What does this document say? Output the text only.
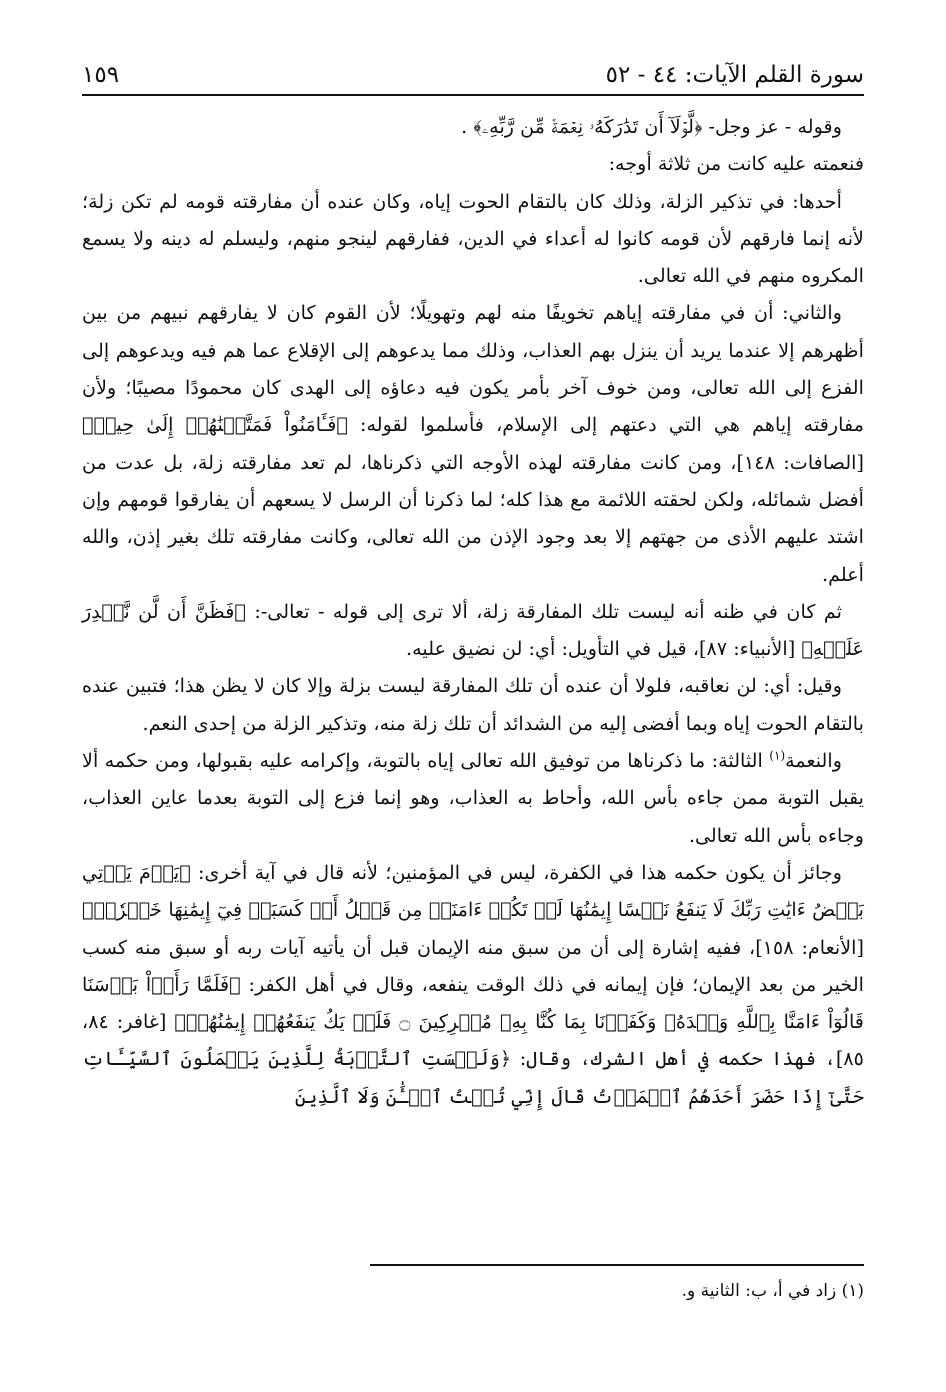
سورة القلم الآيات: ٤٤ - ٥٢
١٥٩

وقوله - عز وجل- ﴿لَّوۡلَآ أَن تَدَٰرَكَهُۥ نِعۡمَةٞ مِّن رَّبِّهِۦ﴾ .

فنعمته عليه كانت من ثلاثة أوجه:

أحدها: في تذكير الزلة، وذلك كان بالتقام الحوت إياه، وكان عنده أن مفارقته قومه لم تكن زلة؛ لأنه إنما فارقهم لأن قومه كانوا له أعداء في الدين، ففارقهم لينجو منهم، وليسلم له دينه ولا يسمع المكروه منهم في الله تعالى.

والثاني: أن في مفارقته إياهم تخويفًا منه لهم وتهويلًا؛ لأن القوم كان لا يفارقهم نبيهم من بين أظهرهم إلا عندما يريد أن ينزل بهم العذاب، وذلك مما يدعوهم إلى الإقلاع عما هم فيه ويدعوهم إلى الفزع إلى الله تعالى، ومن خوف آخر بأمر يكون فيه دعاؤه إلى الهدى كان محمودًا مصيبًا؛ ولأن مفارقته إياهم هي التي دعتهم إلى الإسلام، فأسلموا لقوله: ﴿فَـَٔامَنُواْ فَمَتَّعۡنَٰهُمۡ إِلَىٰ حِينٖ﴾ [الصافات: ١٤٨]، ومن كانت مفارقته لهذه الأوجه التي ذكرناها، لم تعد مفارقته زلة، بل عدت من أفضل شمائله، ولكن لحقته اللائمة مع هذا كله؛ لما ذكرنا أن الرسل لا يسعهم أن يفارقوا قومهم وإن اشتد عليهم الأذى من جهتهم إلا بعد وجود الإذن من الله تعالى، وكانت مفارقته تلك بغير إذن، والله أعلم.

ثم كان في ظنه أنه ليست تلك المفارقة زلة، ألا ترى إلى قوله - تعالى-: ﴿فَظَنَّ أَن لَّن نَّقۡدِرَ عَلَيۡهِ﴾ [الأنبياء: ٨٧]، قيل في التأويل: أي: لن نضيق عليه.

وقيل: أي: لن نعاقبه، فلولا أن عنده أن تلك المفارقة ليست بزلة وإلا كان لا يظن هذا؛ فتبين عنده بالتقام الحوت إياه وبما أفضى إليه من الشدائد أن تلك زلة منه، وتذكير الزلة من إحدى النعم.

والنعمة$^{(١)}$ الثالثة: ما ذكرناها من توفيق الله تعالى إياه بالتوبة، وإكرامه عليه بقبولها، ومن حكمه ألا يقبل التوبة ممن جاءه بأس الله، وأحاط به العذاب، وهو إنما فزع إلى التوبة بعدما عاين العذاب، وجاءه بأس الله تعالى.

وجائز أن يكون حكمه هذا في الكفرة، ليس في المؤمنين؛ لأنه قال في آية أخرى: ﴿يَوۡمَ يَأۡتِي بَعۡضُ ءَايَٰتِ رَبِّكَ لَا يَنفَعُ نَفۡسًا إِيمَٰنُهَا لَمۡ تَكُنۡ ءَامَنَتۡ مِن قَبۡلُ أَوۡ كَسَبَتۡ فِيٓ إِيمَٰنِهَا خَيۡرٗاۗ﴾ [الأنعام: ١٥٨]، ففيه إشارة إلى أن من سبق منه الإيمان قبل أن يأتيه آيات ربه أو سبق منه كسب الخير من بعد الإيمان؛ فإن إيمانه في ذلك الوقت ينفعه، وقال في أهل الكفر: ﴿فَلَمَّا رَأَوۡاْ بَأۡسَنَا قَالُوٓاْ ءَامَنَّا بِٱللَّهِ وَحۡدَهُۥ وَكَفَرۡنَا بِمَا كُنَّا بِهِۦ مُشۡرِكِينَ ۝ فَلَمۡ يَكُ يَنفَعُهُمۡ إِيمَٰنُهُمۡ﴾ [غافر: ٨٤، ٨٥]، فهذا حكمه في أهل الشرك، وقال: ﴿وَلَيۡسَتِ ٱلتَّوۡبَةُ لِلَّذِينَ يَعۡمَلُونَ ٱلسَّيِّـَٔاتِ حَتَّىٰٓ إِذَا حَضَرَ أَحَدَهُمُ ٱلۡمَوۡتُ قَالَ إِنِّي تُبۡتُ ٱلۡـَٰٔنَ وَلَا ٱلَّذِينَ

(١) زاد في أ، ب: الثانية و.
